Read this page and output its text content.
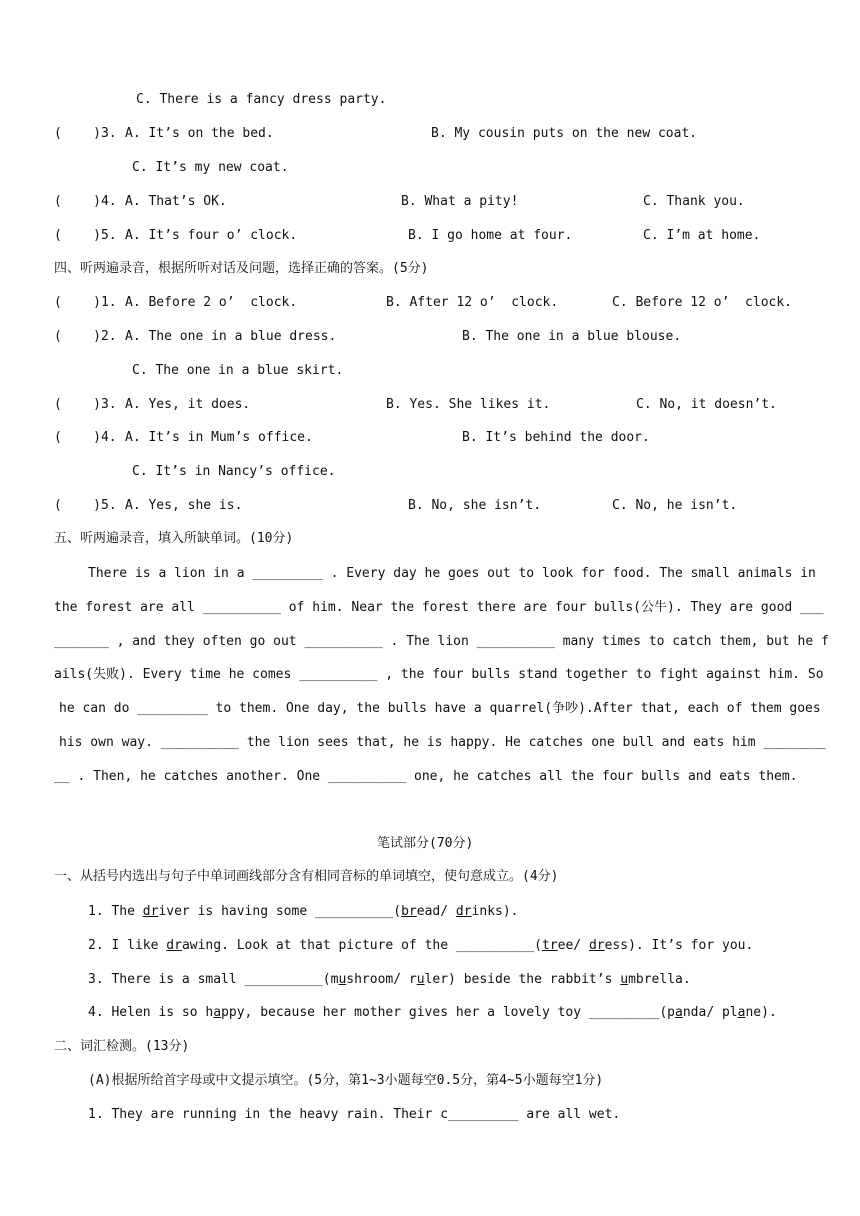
C. There is a fancy dress party.
(    )3. A. It’s on the bed.	B. My cousin puts on the new coat.
C. It’s my new coat.
(    )4. A. That’s OK.	B. What a pity!	C. Thank you.
(    )5. A. It’s four o’ clock.	B. I go home at four.	C. I’m at home.
四、听两遍录音，根据所听对话及问题，选择正确的答案。(5分)
(    )1. A. Before 2 o’  clock.	B. After 12 o’  clock.	C. Before 12 o’  clock.
(    )2. A. The one in a blue dress.	B. The one in a blue blouse.
C. The one in a blue skirt.
(    )3. A. Yes, it does.	B. Yes. She likes it.	C. No, it doesn’t.
(    )4. A. It’s in Mum’s office.	B. It’s behind the door.
C. It’s in Nancy’s office.
(    )5. A. Yes, she is.	B. No, she isn’t.	C. No, he isn’t.
五、听两遍录音，填入所缺单词。(10分)
There is a lion in a _________ . Every day he goes out to look for food. The small animals in
the forest are all __________ of him. Near the forest there are four bulls(公牛). They are good ___
_______ , and they often go out __________ . The lion __________ many times to catch them, but he f
ails(失败). Every time he comes __________ , the four bulls stand together to fight against him. So
he can do _________ to them. One day, the bulls have a quarrel(争吵).After that, each of them goes
his own way. __________ the lion sees that, he is happy. He catches one bull and eats him ________
__ . Then, he catches another. One __________ one, he catches all the four bulls and eats them.
笔试部分(70分)
一、从括号内选出与句子中单词画线部分含有相同音标的单词填空，使句意成立。(4分)
1. The driver is having some __________(bread/ drinks).
2. I like drawing. Look at that picture of the __________(tree/ dress). It’s for you.
3. There is a small __________(mushroom/ ruler) beside the rabbit’s umbrella.
4. Helen is so happy, because her mother gives her a lovely toy _________(panda/ plane).
二、词汇检测。(13分)
(A)根据所给首字母或中文提示填空。(5分，第1~3小题每空0.5分，第4~5小题每空1分)
1. They are running in the heavy rain. Their c_________ are all wet.
